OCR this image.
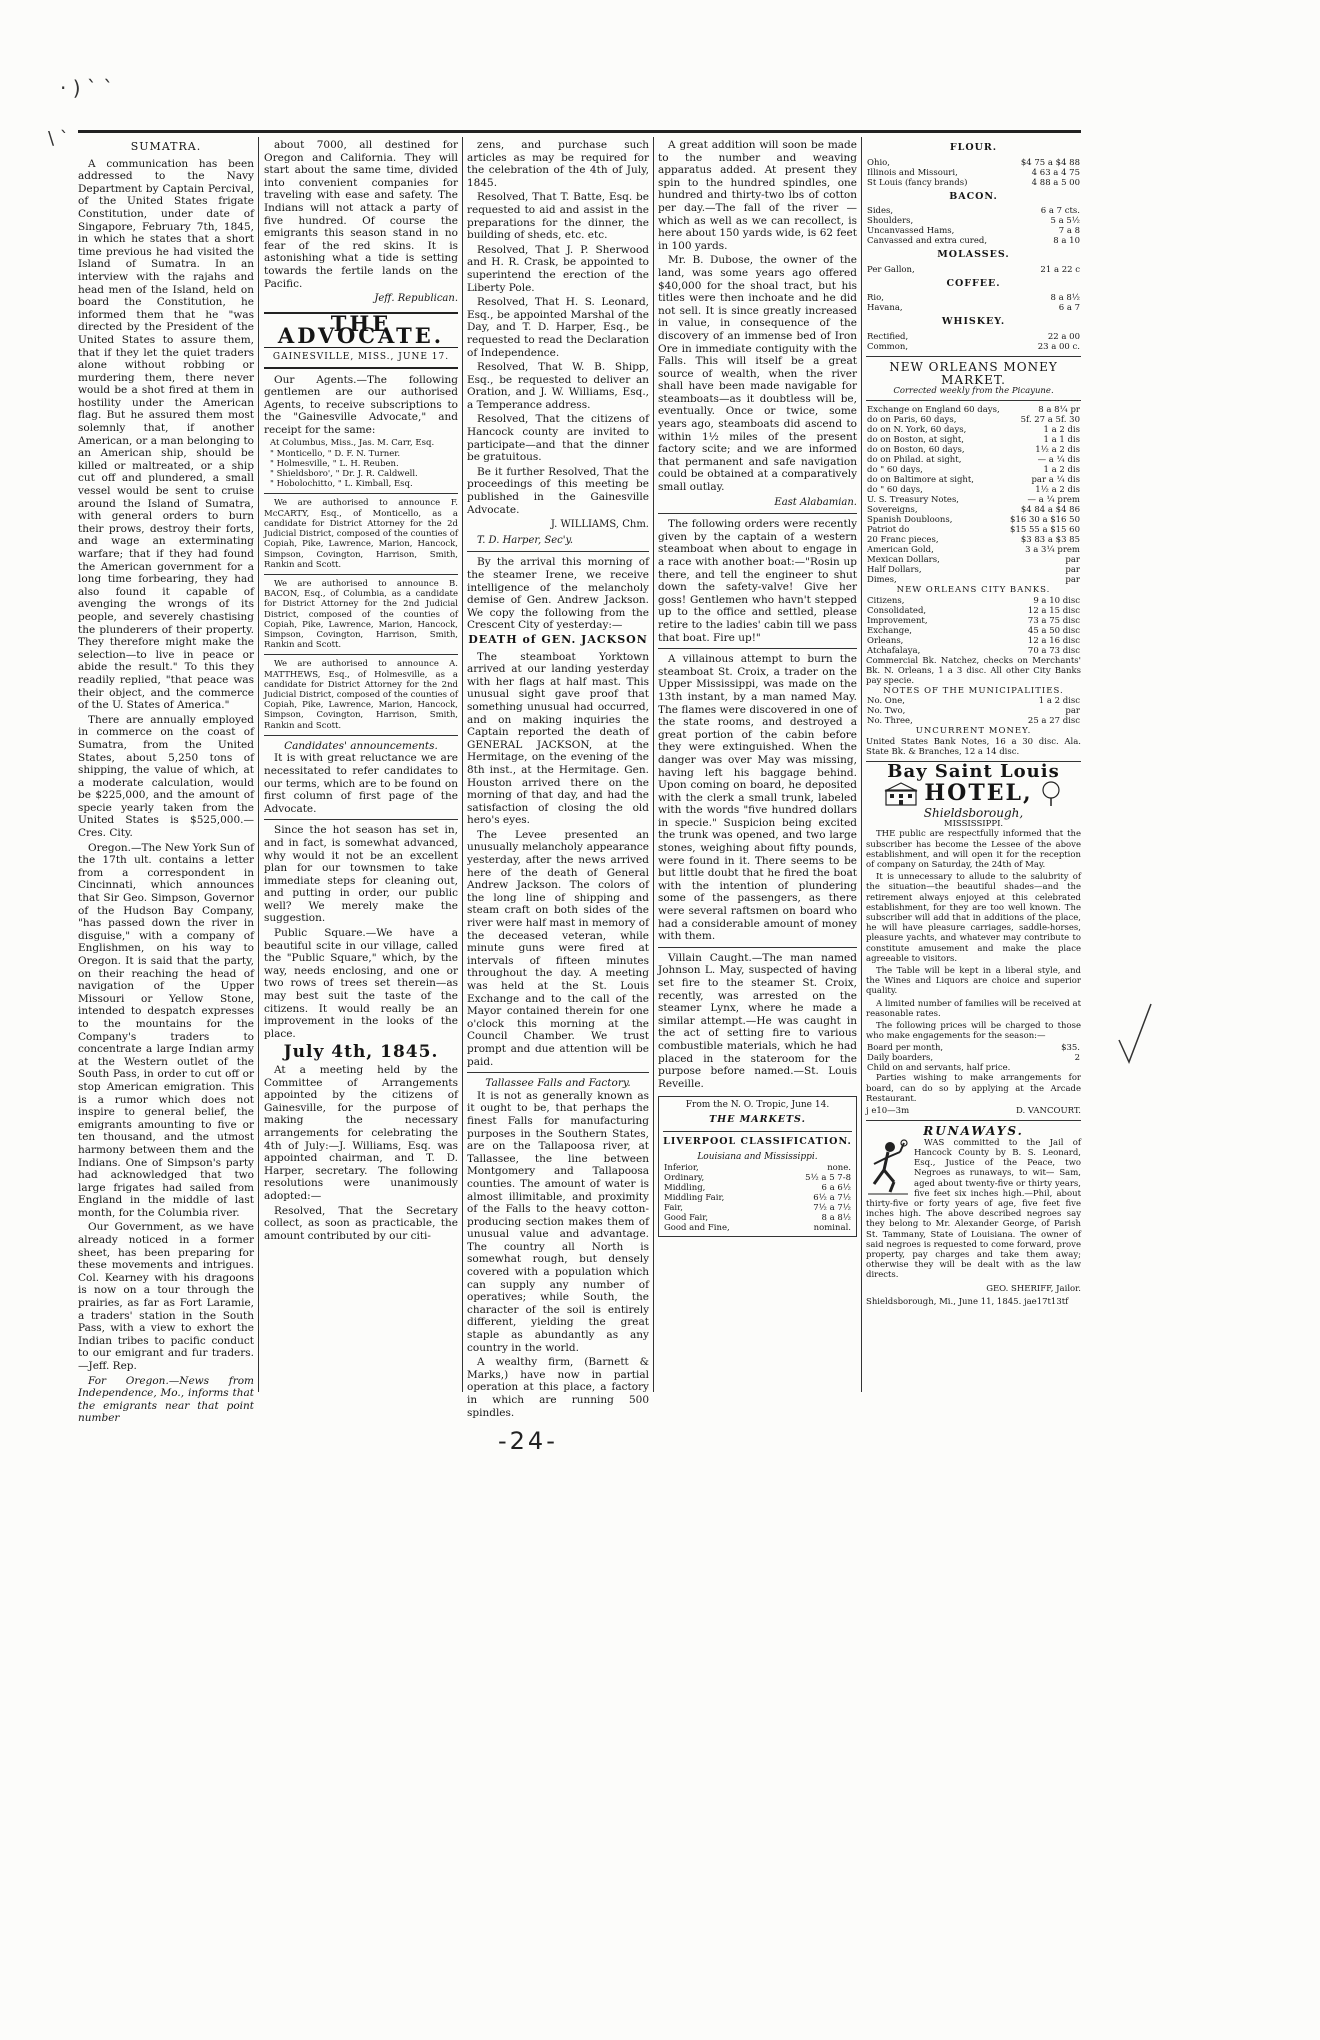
· ) ` `
\ `	SUMATRA.

A communication has been addressed to the Navy Department by Captain Percival, of the United States frigate Constitution, under date of Singapore, February 7th, 1845, in which he states that a short time previous he had visited the Island of Sumatra. In an interview with the rajahs and head men of the Island, held on board the Constitution, he informed them that he "was directed by the President of the United States to assure them, that if they let the quiet traders alone without robbing or murdering them, there never would be a shot fired at them in hostility under the American flag. But he assured them most solemnly that, if another American, or a man belonging to an American ship, should be killed or maltreated, or a ship cut off and plundered, a small vessel would be sent to cruise around the Island of Sumatra, with general orders to burn their prows, destroy their forts, and wage an exterminating warfare; that if they had found the American government for a long time forbearing, they had also found it capable of avenging the wrongs of its people, and severely chastising the plunderers of their property. They therefore might make the selection—to live in peace or abide the result." To this they readily replied, "that peace was their object, and the commerce of the U. States of America."

There are annually employed in commerce on the coast of Sumatra, from the United States, about 5,250 tons of shipping, the value of which, at a moderate calculation, would be $225,000, and the amount of specie yearly taken from the United States is $525,000.—Cres. City.

Oregon.—The New York Sun of the 17th ult. contains a letter from a correspondent in Cincinnati, which announces that Sir Geo. Simpson, Governor of the Hudson Bay Company, "has passed down the river in disguise," with a company of Englishmen, on his way to Oregon. It is said that the party, on their reaching the head of navigation of the Upper Missouri or Yellow Stone, intended to despatch expresses to the mountains for the Company's traders to concentrate a large Indian army at the Western outlet of the South Pass, in order to cut off or stop American emigration. This is a rumor which does not inspire to general belief, the emigrants amounting to five or ten thousand, and the utmost harmony between them and the Indians. One of Simpson's party had acknowledged that two large frigates had sailed from England in the middle of last month, for the Columbia river.

Our Government, as we have already noticed in a former sheet, has been preparing for these movements and intrigues. Col. Kearney with his dragoons is now on a tour through the prairies, as far as Fort Laramie, a traders' station in the South Pass, with a view to exhort the Indian tribes to pacific conduct to our emigrant and fur traders.—Jeff. Rep.

For Oregon.—News from Independence, Mo., informs that the emigrants near that point number

about 7000, all destined for Oregon and California. They will start about the same time, divided into convenient companies for traveling with ease and safety. The Indians will not attack a party of five hundred. Of course the emigrants this season stand in no fear of the red skins. It is astonishing what a tide is setting towards the fertile lands on the Pacific.

Jeff. Republican.
THE ADVOCATE.
GAINESVILLE, MISS., JUNE 17.

Our Agents.—The following gentlemen are our authorised Agents, to receive subscriptions to the "Gainesville Advocate," and receipt for the same:

At Columbus, Miss., Jas. M. Carr, Esq.
" Monticello, " D. F. N. Turner.
" Holmesville, " L. H. Reuben.
" Shieldsboro', " Dr. J. R. Caldwell.
" Hobolochitto, " L. Kimball, Esq.

We are authorised to announce F. McCARTY, Esq., of Monticello, as a candidate for District Attorney for the 2d Judicial District, composed of the counties of Copiah, Pike, Lawrence, Marion, Hancock, Simpson, Covington, Harrison, Smith, Rankin and Scott.

We are authorised to announce B. BACON, Esq., of Columbia, as a candidate for District Attorney for the 2nd Judicial District, composed of the counties of Copiah, Pike, Lawrence, Marion, Hancock, Simpson, Covington, Harrison, Smith, Rankin and Scott.

We are authorised to announce A. MATTHEWS, Esq., of Holmesville, as a candidate for District Attorney for the 2nd Judicial District, composed of the counties of Copiah, Pike, Lawrence, Marion, Hancock, Simpson, Covington, Harrison, Smith, Rankin and Scott.

Candidates' announcements.

It is with great reluctance we are necessitated to refer candidates to our terms, which are to be found on first column of first page of the Advocate.

Since the hot season has set in, and in fact, is somewhat advanced, why would it not be an excellent plan for our townsmen to take immediate steps for cleaning out, and putting in order, our public well? We merely make the suggestion.

Public Square.—We have a beautiful scite in our village, called the "Public Square," which, by the way, needs enclosing, and one or two rows of trees set therein—as may best suit the taste of the citizens. It would really be an improvement in the looks of the place.

July 4th, 1845.

At a meeting held by the Committee of Arrangements appointed by the citizens of Gainesville, for the purpose of making the necessary arrangements for celebrating the 4th of July:—J. Williams, Esq. was appointed chairman, and T. D. Harper, secretary. The following resolutions were unanimously adopted:—

Resolved, That the Secretary collect, as soon as practicable, the amount contributed by our citi-

zens, and purchase such articles as may be required for the celebration of the 4th of July, 1845.

Resolved, That T. Batte, Esq. be requested to aid and assist in the preparations for the dinner, the building of sheds, etc. etc.

Resolved, That J. P. Sherwood and H. R. Crask, be appointed to superintend the erection of the Liberty Pole.

Resolved, That H. S. Leonard, Esq., be appointed Marshal of the Day, and T. D. Harper, Esq., be requested to read the Declaration of Independence.

Resolved, That W. B. Shipp, Esq., be requested to deliver an Oration, and J. W. Williams, Esq., a Temperance address.

Resolved, That the citizens of Hancock county are invited to participate—and that the dinner be gratuitous.

Be it further Resolved, That the proceedings of this meeting be published in the Gainesville Advocate.

J. WILLIAMS, Chm.
T. D. Harper, Sec'y.

By the arrival this morning of the steamer Irene, we receive intelligence of the melancholy demise of Gen. Andrew Jackson. We copy the following from the Crescent City of yesterday:—

DEATH of GEN. JACKSON

The steamboat Yorktown arrived at our landing yesterday with her flags at half mast. This unusual sight gave proof that something unusual had occurred, and on making inquiries the Captain reported the death of GENERAL JACKSON, at the Hermitage, on the evening of the 8th inst., at the Hermitage. Gen. Houston arrived there on the morning of that day, and had the satisfaction of closing the old hero's eyes.

The Levee presented an unusually melancholy appearance yesterday, after the news arrived here of the death of General Andrew Jackson. The colors of the long line of shipping and steam craft on both sides of the river were half mast in memory of the deceased veteran, while minute guns were fired at intervals of fifteen minutes throughout the day. A meeting was held at the St. Louis Exchange and to the call of the Mayor contained therein for one o'clock this morning at the Council Chamber. We trust prompt and due attention will be paid.

Tallassee Falls and Factory.

It is not as generally known as it ought to be, that perhaps the finest Falls for manufacturing purposes in the Southern States, are on the Tallapoosa river, at Tallassee, the line between Montgomery and Tallapoosa counties. The amount of water is almost illimitable, and proximity of the Falls to the heavy cotton-producing section makes them of unusual value and advantage. The country all North is somewhat rough, but densely covered with a population which can supply any number of operatives; while South, the character of the soil is entirely different, yielding the great staple as abundantly as any country in the world.

A wealthy firm, (Barnett & Marks,) have now in partial operation at this place, a factory in which are running 500 spindles.

A great addition will soon be made to the number and weaving apparatus added. At present they spin to the hundred spindles, one hundred and thirty-two lbs of cotton per day.—The fall of the river —which as well as we can recollect, is here about 150 yards wide, is 62 feet in 100 yards.

Mr. B. Dubose, the owner of the land, was some years ago offered $40,000 for the shoal tract, but his titles were then inchoate and he did not sell. It is since greatly increased in value, in consequence of the discovery of an immense bed of Iron Ore in immediate contiguity with the Falls. This will itself be a great source of wealth, when the river shall have been made navigable for steamboats—as it doubtless will be, eventually. Once or twice, some years ago, steamboats did ascend to within 1½ miles of the present factory scite; and we are informed that permanent and safe navigation could be obtained at a comparatively small outlay.

East Alabamian.

The following orders were recently given by the captain of a western steamboat when about to engage in a race with another boat:—"Rosin up there, and tell the engineer to shut down the safety-valve! Give her goss! Gentlemen who havn't stepped up to the office and settled, please retire to the ladies' cabin till we pass that boat. Fire up!"

A villainous attempt to burn the steamboat St. Croix, a trader on the Upper Mississippi, was made on the 13th instant, by a man named May. The flames were discovered in one of the state rooms, and destroyed a great portion of the cabin before they were extinguished. When the danger was over May was missing, having left his baggage behind. Upon coming on board, he deposited with the clerk a small trunk, labeled with the words "five hundred dollars in specie." Suspicion being excited the trunk was opened, and two large stones, weighing about fifty pounds, were found in it. There seems to be but little doubt that he fired the boat with the intention of plundering some of the passengers, as there were several raftsmen on board who had a considerable amount of money with them.

Villain Caught.—The man named Johnson L. May, suspected of having set fire to the steamer St. Croix, recently, was arrested on the steamer Lynx, where he made a similar attempt.—He was caught in the act of setting fire to various combustible materials, which he had placed in the stateroom for the purpose before named.—St. Louis Reveille.

From the N. O. Tropic, June 14.
THE MARKETS.
LIVERPOOL CLASSIFICATION.
Louisiana and Mississippi.
Inferior,	none.
Ordinary,	5½ a 5 7-8
Middling,	6 a 6½
Middling Fair,	6½ a 7½
Fair,	7½ a 7½
Good Fair,	8 a 8½
Good and Fine,	nominal.
FLOUR.
Ohio,	$4 75 a $4 88
Illinois and Missouri,	4 63 a 4 75
St Louis (fancy brands)	4 88 a 5 00
BACON.
Sides,	6 a 7 cts.
Shoulders,	5 a 5½
Uncanvassed Hams,	7 a 8
Canvassed and extra cured,	8 a 10
MOLASSES.
Per Gallon,	21 a 22 c
COFFEE.
Rio,	8 a 8½
Havana,	6 a 7
WHISKEY.
Rectified,	22 a 00
Common,	23 a 00 c.
NEW ORLEANS MONEY MARKET.
Corrected weekly from the Picayune.
Exchange on England 60 days,	8 a 8¼ pr
do on Paris, 60 days,	5f. 27 a 5f. 30
do on N. York, 60 days,	1 a 2 dis
do on Boston, at sight,	1 a 1 dis
do on Boston, 60 days,	1½ a 2 dis
do on Philad. at sight,	— a ¼ dis
do " 60 days,	1 a 2 dis
do on Baltimore at sight,	par a ¼ dis
do " 60 days,	1½ a 2 dis
U. S. Treasury Notes,	— a ¼ prem
Sovereigns,	$4 84 a $4 86
Spanish Doubloons,	$16 30 a $16 50
Patriot do	$15 55 a $15 60
20 Franc pieces,	$3 83 a $3 85
American Gold,	3 a 3¼ prem
Mexican Dollars,	par
Half Dollars,	par
Dimes,	par
NEW ORLEANS CITY BANKS.
Citizens,	9 a 10 disc
Consolidated,	12 a 15 disc
Improvement,	73 a 75 disc
Exchange,	45 a 50 disc
Orleans,	12 a 16 disc
Atchafalaya,	70 a 73 disc
Commercial Bk. Natchez, checks on Merchants' Bk. N. Orleans, 1 a 3 disc. All other City Banks pay specie.
NOTES OF THE MUNICIPALITIES.
No. One,	1 a 2 disc
No. Two,	par
No. Three,	25 a 27 disc
UNCURRENT MONEY.
United States Bank Notes, 16 a 30 disc. Ala. State Bk. & Branches, 12 a 14 disc.
Bay Saint Louis
HOTEL,
Shieldsborough,
MISSISSIPPI.

THE public are respectfully informed that the subscriber has become the Lessee of the above establishment, and will open it for the reception of company on Saturday, the 24th of May.

It is unnecessary to allude to the salubrity of the situation—the beautiful shades—and the retirement always enjoyed at this celebrated establishment, for they are too well known. The subscriber will add that in additions of the place, he will have pleasure carriages, saddle-horses, pleasure yachts, and whatever may contribute to constitute amusement and make the place agreeable to visitors.

The Table will be kept in a liberal style, and the Wines and Liquors are choice and superior quality.

A limited number of families will be received at reasonable rates.

The following prices will be charged to those who make engagements for the season:—

Board per month,	$35.
Daily boarders,	2
Child on and servants, half price.	

Parties wishing to make arrangements for board, can do so by applying at the Arcade Restaurant.

j e10—3m	D. VANCOURT.
RUNAWAYS.

WAS committed to the Jail of Hancock County by B. S. Leonard, Esq., Justice of the Peace, two Negroes as runaways, to wit— Sam, aged about twenty-five or thirty years, five feet six inches high.—Phil, about thirty-five or forty years of age, five feet five inches high. The above described negroes say they belong to Mr. Alexander George, of Parish St. Tammany, State of Louisiana. The owner of said negroes is requested to come forward, prove property, pay charges and take them away; otherwise they will be dealt with as the law directs.

GEO. SHERIFF, Jailor.
Shieldsborough, Mi., June 11, 1845. jae17t13tf
-24-
